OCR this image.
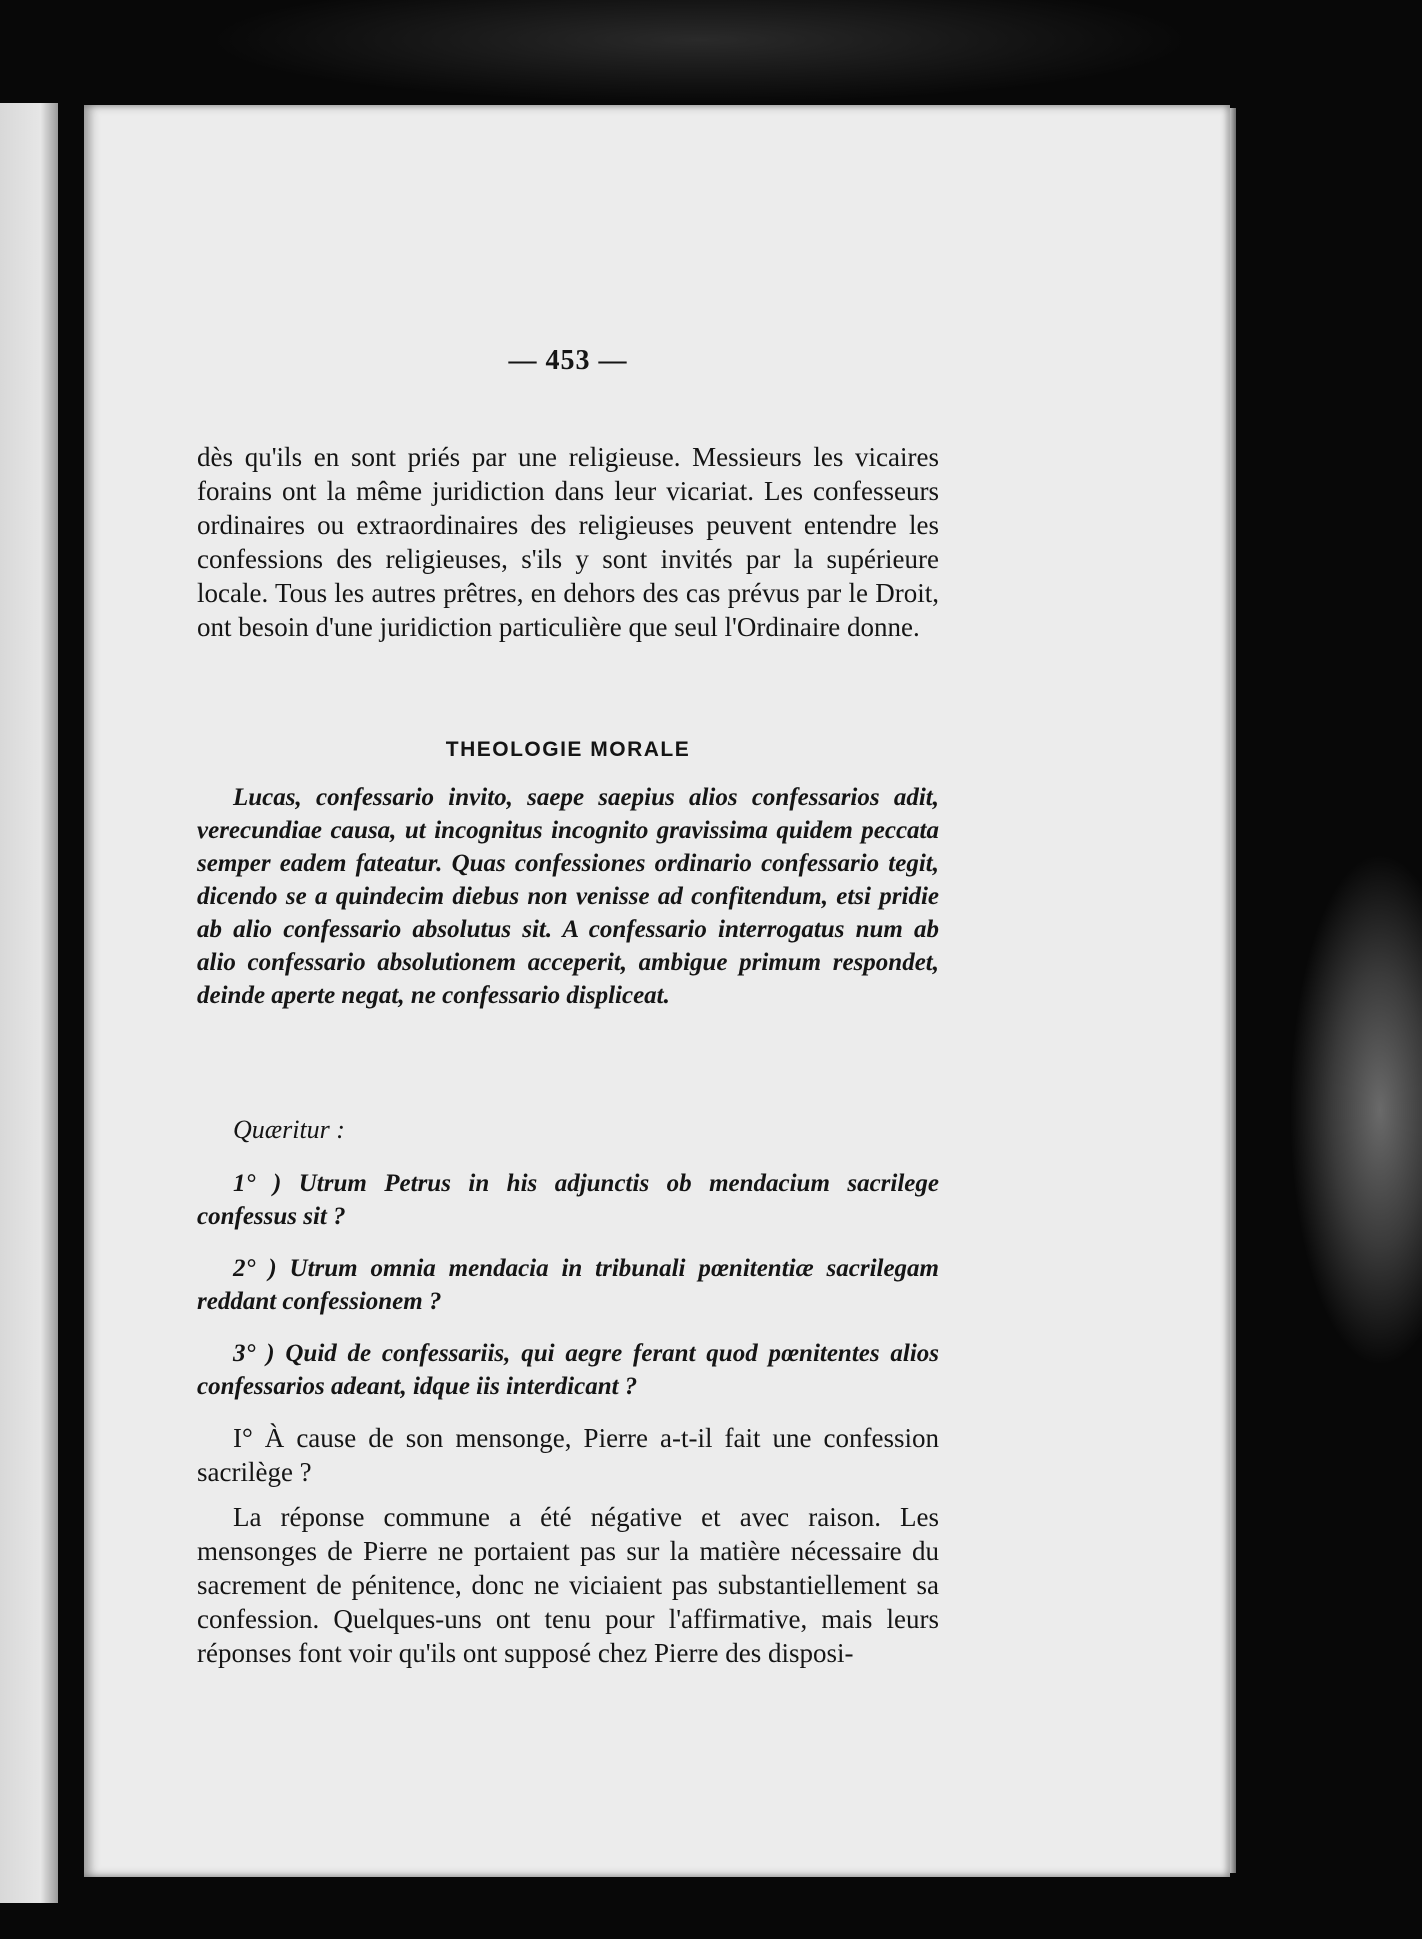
— 453 —

dès qu'ils en sont priés par une religieuse. Messieurs les vicaires forains ont la même juridiction dans leur vicariat. Les confesseurs ordinaires ou extraordinaires des religieuses peuvent entendre les confessions des religieuses, s'ils y sont invités par la supérieure locale. Tous les autres prêtres, en dehors des cas prévus par le Droit, ont besoin d'une juridiction particulière que seul l'Ordinaire donne.

THEOLOGIE MORALE

Lucas, confessario invito, saepe saepius alios confessarios adit, verecundiae causa, ut incognitus incognito gravissima quidem peccata semper eadem fateatur. Quas confessiones ordinario confessario tegit, dicendo se a quindecim diebus non venisse ad confitendum, etsi pridie ab alio confessario absolutus sit. A confessario interrogatus num ab alio confessario absolutionem acceperit, ambigue primum respondet, deinde aperte negat, ne confessario displiceat.

Quæritur :

1° ) Utrum Petrus in his adjunctis ob mendacium sacrilege confessus sit ?

2° ) Utrum omnia mendacia in tribunali pœnitentiæ sacrilegam reddant confessionem ?

3° ) Quid de confessariis, qui aegre ferant quod pœnitentes alios confessarios adeant, idque iis interdicant ?

I° À cause de son mensonge, Pierre a-t-il fait une confession sacrilège ?

La réponse commune a été négative et avec raison. Les mensonges de Pierre ne portaient pas sur la matière nécessaire du sacrement de pénitence, donc ne viciaient pas substantiellement sa confession. Quelques-uns ont tenu pour l'affirmative, mais leurs réponses font voir qu'ils ont supposé chez Pierre des disposi-
